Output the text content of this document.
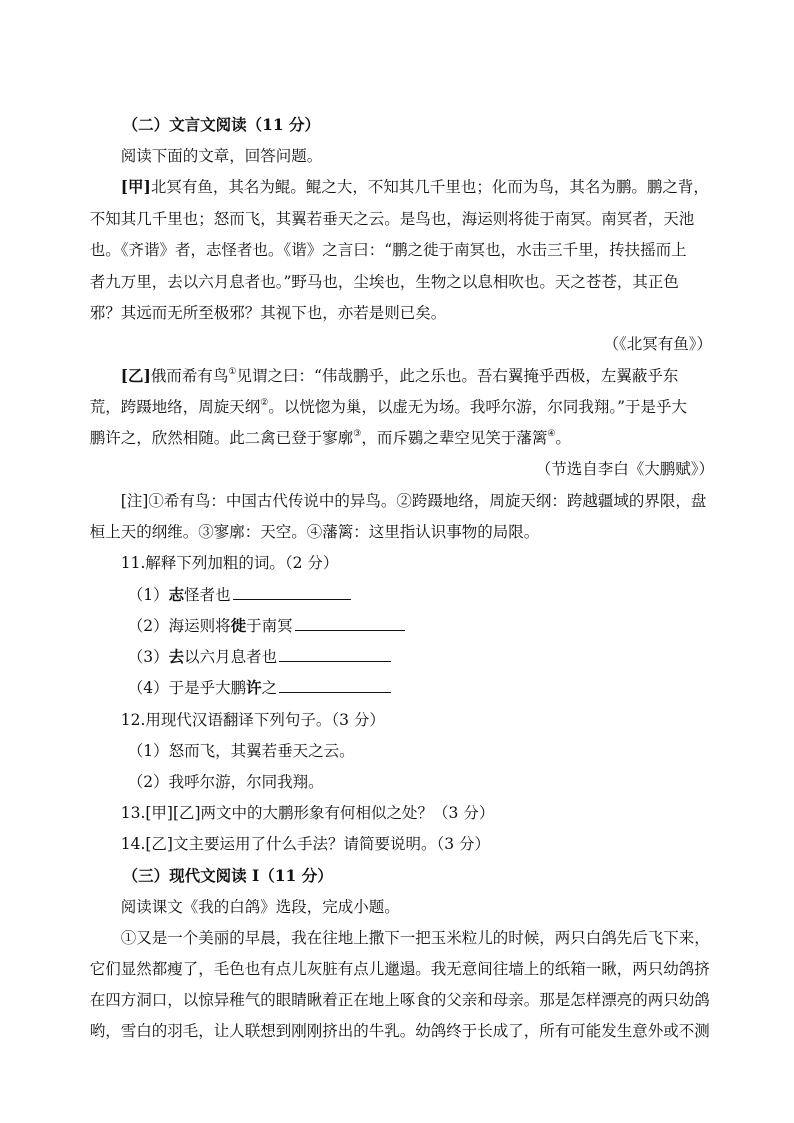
（二）文言文阅读（11 分）

阅读下面的文章，回答问题。

[甲]北冥有鱼，其名为鲲。鲲之大，不知其几千里也；化而为鸟，其名为鹏。鹏之背，

不知其几千里也；怒而飞，其翼若垂天之云。是鸟也，海运则将徙于南冥。南冥者，天池

也。《齐谐》者，志怪者也。《谐》之言曰：“鹏之徙于南冥也，水击三千里，抟扶摇而上

者九万里，去以六月息者也。”野马也，尘埃也，生物之以息相吹也。天之苍苍，其正色

邪？其远而无所至极邪？其视下也，亦若是则已矣。

（《北冥有鱼》）

[乙]俄而希有鸟①见谓之曰：“伟哉鹏乎，此之乐也。吾右翼掩乎西极，左翼蔽乎东

荒，跨蹑地络，周旋天纲②。以恍惚为巢，以虚无为场。我呼尔游，尔同我翔。”于是乎大

鹏许之，欣然相随。此二禽已登于寥廓③，而斥鷃之辈空见笑于藩篱④。

（节选自李白《大鹏赋》）

[注]①希有鸟：中国古代传说中的异鸟。②跨蹑地络，周旋天纲：跨越疆域的界限，盘

桓上天的纲维。③寥廓：天空。④藩篱：这里指认识事物的局限。

11.解释下列加粗的词。（2 分）

（1）志怪者也

（2）海运则将徙于南冥

（3）去以六月息者也

（4）于是乎大鹏许之

12.用现代汉语翻译下列句子。（3 分）

（1）怒而飞，其翼若垂天之云。

（2）我呼尔游，尔同我翔。

13.[甲][乙]两文中的大鹏形象有何相似之处？（3 分）

14.[乙]文主要运用了什么手法？请简要说明。（3 分）

（三）现代文阅读 I（11 分）

阅读课文《我的白鸽》选段，完成小题。

①又是一个美丽的早晨，我在往地上撒下一把玉米粒儿的时候，两只白鸽先后飞下来，

它们显然都瘦了，毛色也有点儿灰脏有点儿邋遢。我无意间往墙上的纸箱一瞅，两只幼鸽挤

在四方洞口，以惊异稚气的眼睛瞅着正在地上啄食的父亲和母亲。那是怎样漂亮的两只幼鸽

哟，雪白的羽毛，让人联想到刚刚挤出的牛乳。幼鸽终于长成了，所有可能发生意外或不测
